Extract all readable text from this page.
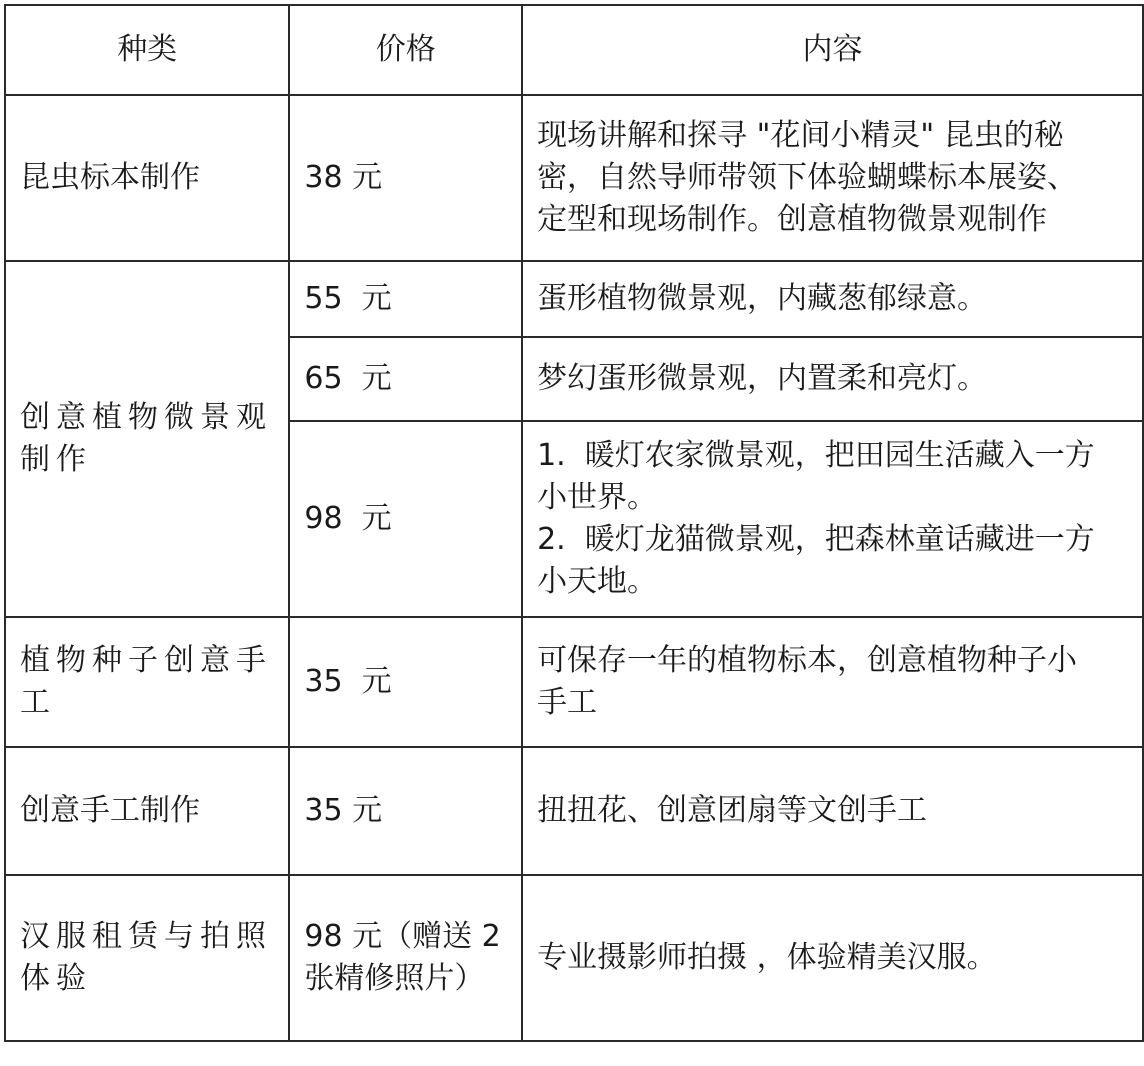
种类	价格	内容
昆虫标本制作	38 元	现场讲解和探寻 "花间小精灵" 昆虫的秘
密，自然导师带领下体验蝴蝶标本展姿、
定型和现场制作。创意植物微景观制作

创意植物微景观
制作	55  元	蛋形植物微景观，内藏葱郁绿意。
	65  元	梦幻蛋形微景观，内置柔和亮灯。
	98  元	1.  暖灯农家微景观，把田园生活藏入一方
小世界。
2.  暖灯龙猫微景观，把森林童话藏进一方
小天地。

植物种子创意手
工	35  元	可保存一年的植物标本，创意植物种子小
手工

创意手工制作	35 元	扭扭花、创意团扇等文创手工

汉服租赁与拍照
体验	98 元（赠送 2
张精修照片）	专业摄影师拍摄 ，体验精美汉服。
